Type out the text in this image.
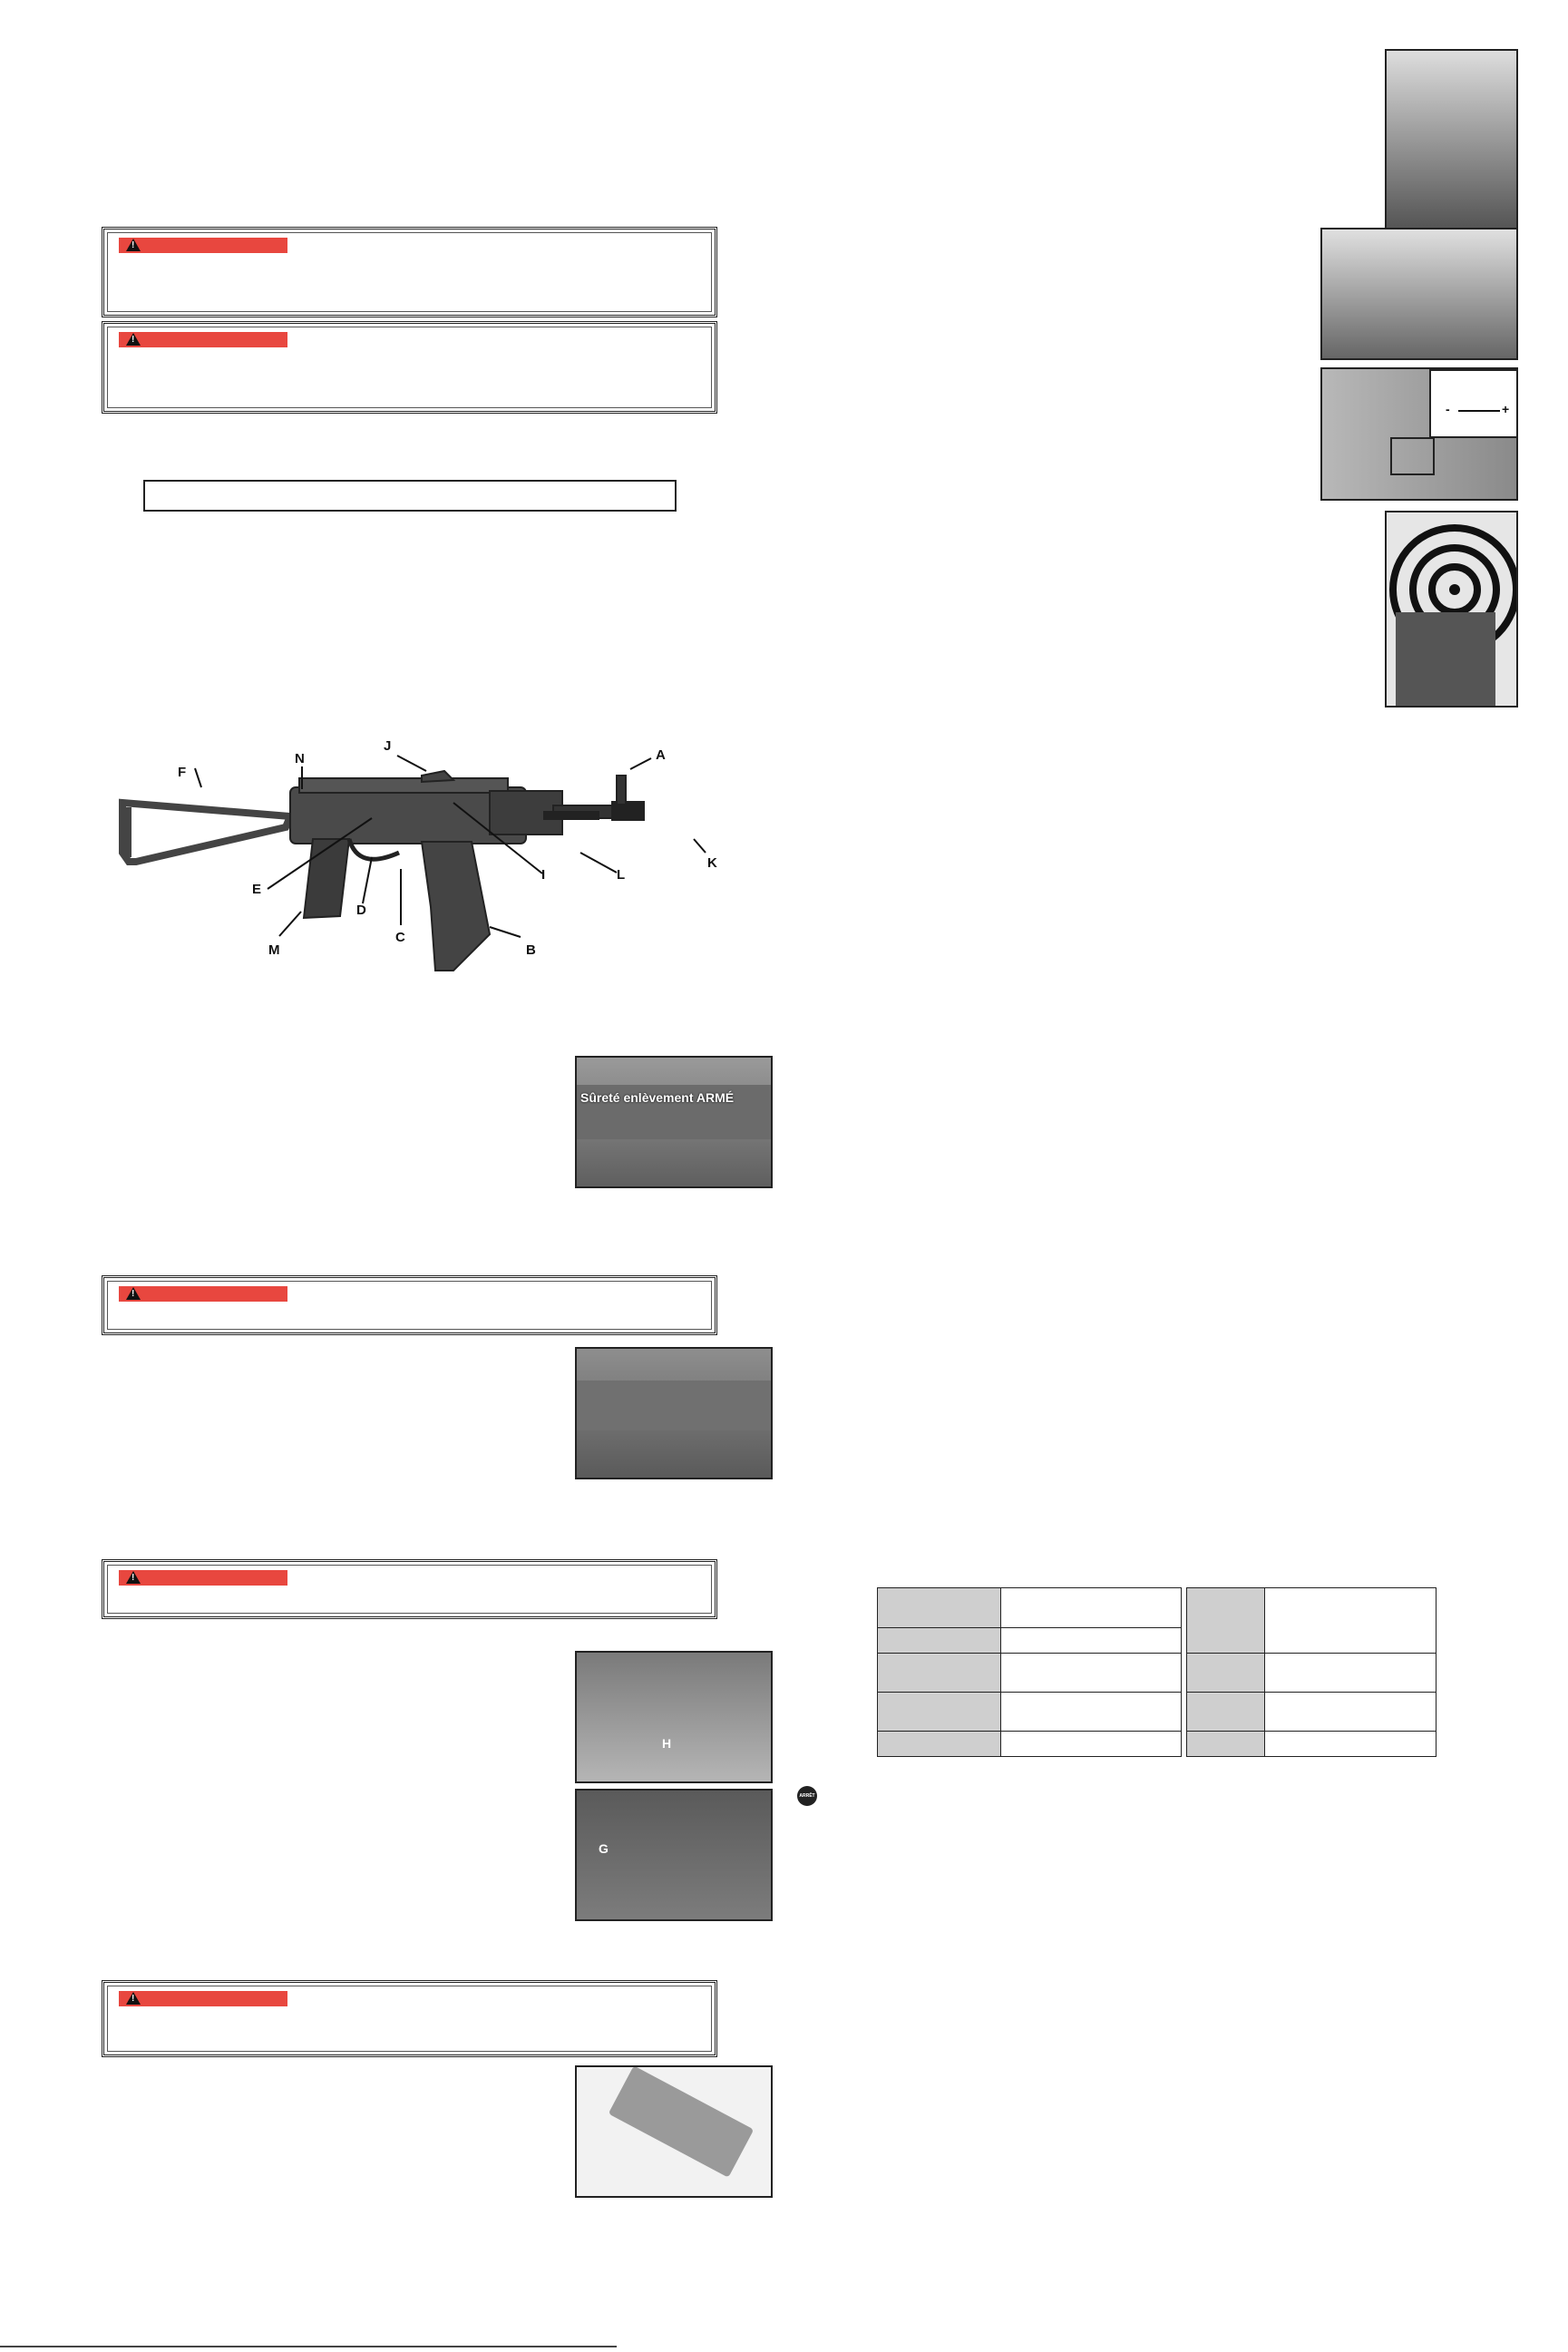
!
!
F
N
J
A
K
L
I
E
D
C
B
M
Sûreté enlèvement ARMÉ
!
!
H
G
ARRÊT
!
-	+
